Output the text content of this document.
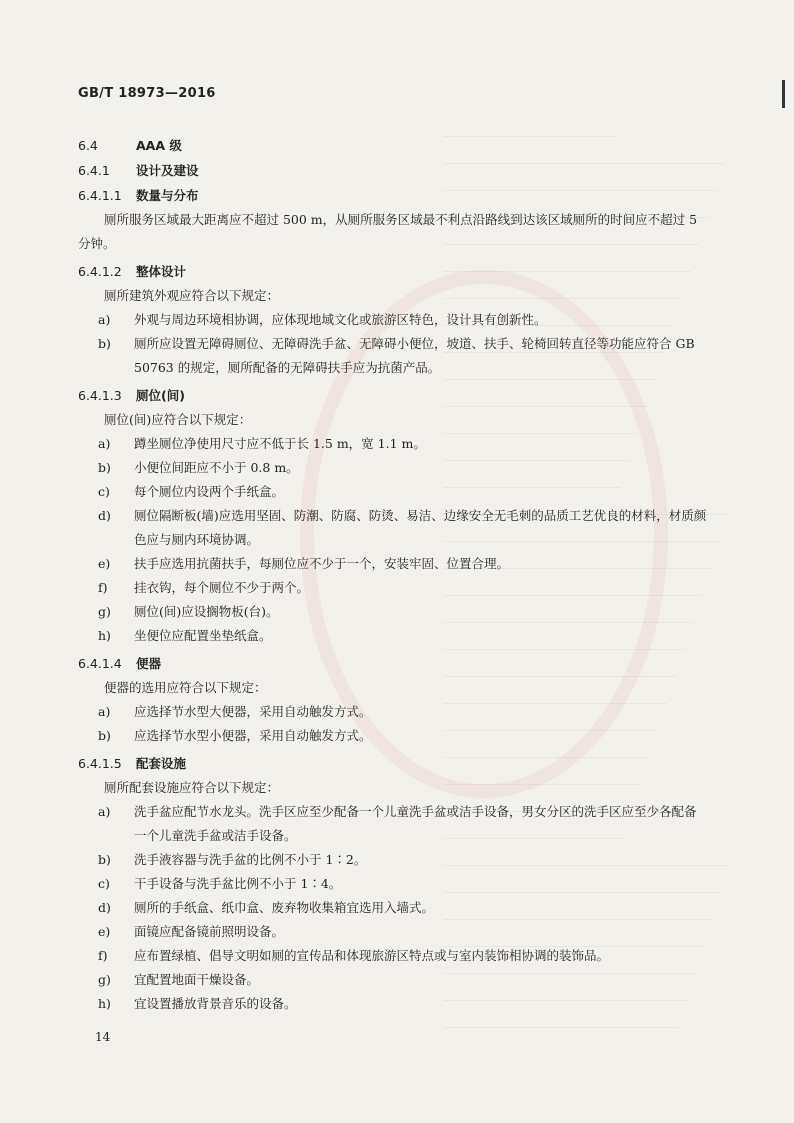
GB/T 18973—2016
6.4	AAA 级
6.4.1 设计及建设
6.4.1.1 数量与分布
厕所服务区域最大距离应不超过 500 m，从厕所服务区域最不利点沿路线到达该区域厕所的时间应不超过 5 分钟。
6.4.1.2 整体设计
厕所建筑外观应符合以下规定：
a) 外观与周边环境相协调，应体现地域文化或旅游区特色，设计具有创新性。
b) 厕所应设置无障碍厕位、无障碍洗手盆、无障碍小便位，坡道、扶手、轮椅回转直径等功能应符合 GB 50763 的规定，厕所配备的无障碍扶手应为抗菌产品。
6.4.1.3 厕位(间)
厕位(间)应符合以下规定：
a) 蹲坐厕位净使用尺寸应不低于长 1.5 m，宽 1.1 m。
b) 小便位间距应不小于 0.8 m。
c) 每个厕位内设两个手纸盒。
d) 厕位隔断板(墙)应选用坚固、防潮、防腐、防烫、易洁、边缘安全无毛刺的品质工艺优良的材料，材质颜色应与厕内环境协调。
e) 扶手应选用抗菌扶手，每厕位应不少于一个，安装牢固、位置合理。
f) 挂衣钩，每个厕位不少于两个。
g) 厕位(间)应设搁物板(台)。
h) 坐便位应配置坐垫纸盒。
6.4.1.4 便器
便器的选用应符合以下规定：
a) 应选择节水型大便器，采用自动触发方式。
b) 应选择节水型小便器，采用自动触发方式。
6.4.1.5 配套设施
厕所配套设施应符合以下规定：
a) 洗手盆应配节水龙头。洗手区应至少配备一个儿童洗手盆或洁手设备，男女分区的洗手区应至少各配备一个儿童洗手盆或洁手设备。
b) 洗手液容器与洗手盆的比例不小于 1∶2。
c) 干手设备与洗手盆比例不小于 1∶4。
d) 厕所的手纸盒、纸巾盒、废弃物收集箱宜选用入墙式。
e) 面镜应配备镜前照明设备。
f) 应布置绿植、倡导文明如厕的宣传品和体现旅游区特点或与室内装饰相协调的装饰品。
g) 宜配置地面干燥设备。
h) 宜设置播放背景音乐的设备。
14
